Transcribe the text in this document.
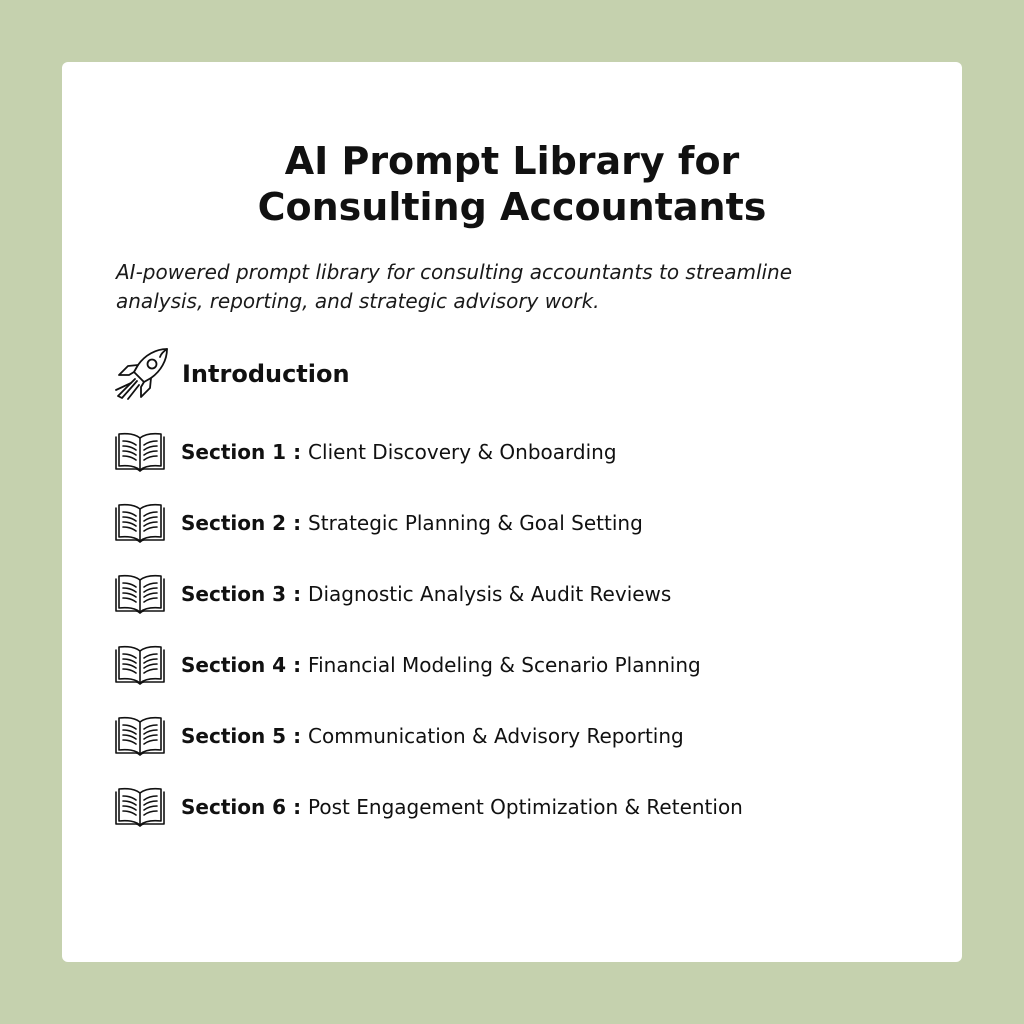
AI Prompt Library for
Consulting Accountants

AI-powered prompt library for consulting accountants to streamline
analysis, reporting, and strategic advisory work.

Introduction
Section 1 : Client Discovery & Onboarding
Section 2 : Strategic Planning & Goal Setting
Section 3 : Diagnostic Analysis & Audit Reviews
Section 4 : Financial Modeling & Scenario Planning
Section 5 : Communication & Advisory Reporting
Section 6 : Post Engagement Optimization & Retention
